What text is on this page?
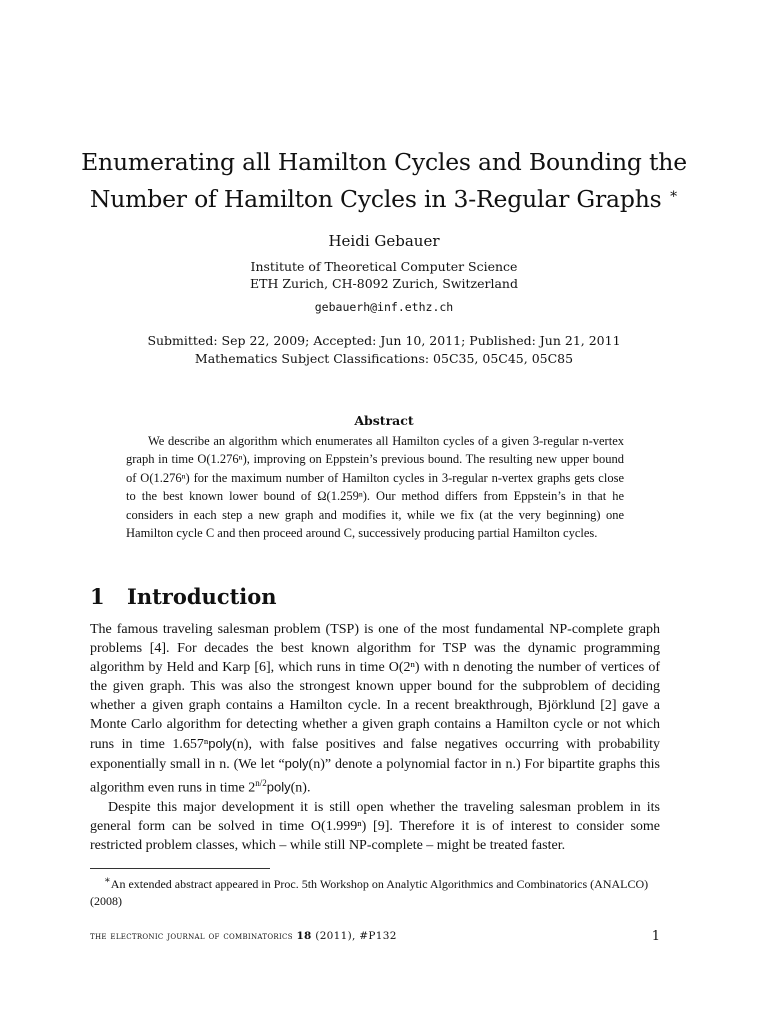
Enumerating all Hamilton Cycles and Bounding the
Number of Hamilton Cycles in 3-Regular Graphs ∗
Heidi Gebauer
Institute of Theoretical Computer Science
ETH Zurich, CH-8092 Zurich, Switzerland
gebauerh@inf.ethz.ch
Submitted: Sep 22, 2009; Accepted: Jun 10, 2011; Published: Jun 21, 2011
Mathematics Subject Classifications: 05C35, 05C45, 05C85
Abstract
We describe an algorithm which enumerates all Hamilton cycles of a given 3-regular n-vertex graph in time O(1.276ⁿ), improving on Eppstein’s previous bound. The resulting new upper bound of O(1.276ⁿ) for the maximum number of Hamilton cycles in 3-regular n-vertex graphs gets close to the best known lower bound of Ω(1.259ⁿ). Our method differs from Eppstein’s in that he considers in each step a new graph and modifies it, while we fix (at the very beginning) one Hamilton cycle C and then proceed around C, successively producing partial Hamilton cycles.
1 Introduction

The famous traveling salesman problem (TSP) is one of the most fundamental NP-complete graph problems [4]. For decades the best known algorithm for TSP was the dynamic programming algorithm by Held and Karp [6], which runs in time O(2ⁿ) with n denoting the number of vertices of the given graph. This was also the strongest known upper bound for the subproblem of deciding whether a given graph contains a Hamilton cycle. In a recent breakthrough, Björklund [2] gave a Monte Carlo algorithm for detecting whether a given graph contains a Hamilton cycle or not which runs in time 1.657ⁿpoly(n), with false positives and false negatives occurring with probability exponentially small in n. (We let “poly(n)” denote a polynomial factor in n.) For bipartite graphs this algorithm even runs in time $2^{n/2}poly(n)$.

Despite this major development it is still open whether the traveling salesman problem in its general form can be solved in time O(1.999ⁿ) [9]. Therefore it is of interest to consider some restricted problem classes, which – while still NP-complete – might be treated faster.

∗An extended abstract appeared in Proc. 5th Workshop on Analytic Algorithmics and Combinatorics (ANALCO) (2008)
the electronic journal of combinatorics 18 (2011), #P132	1
